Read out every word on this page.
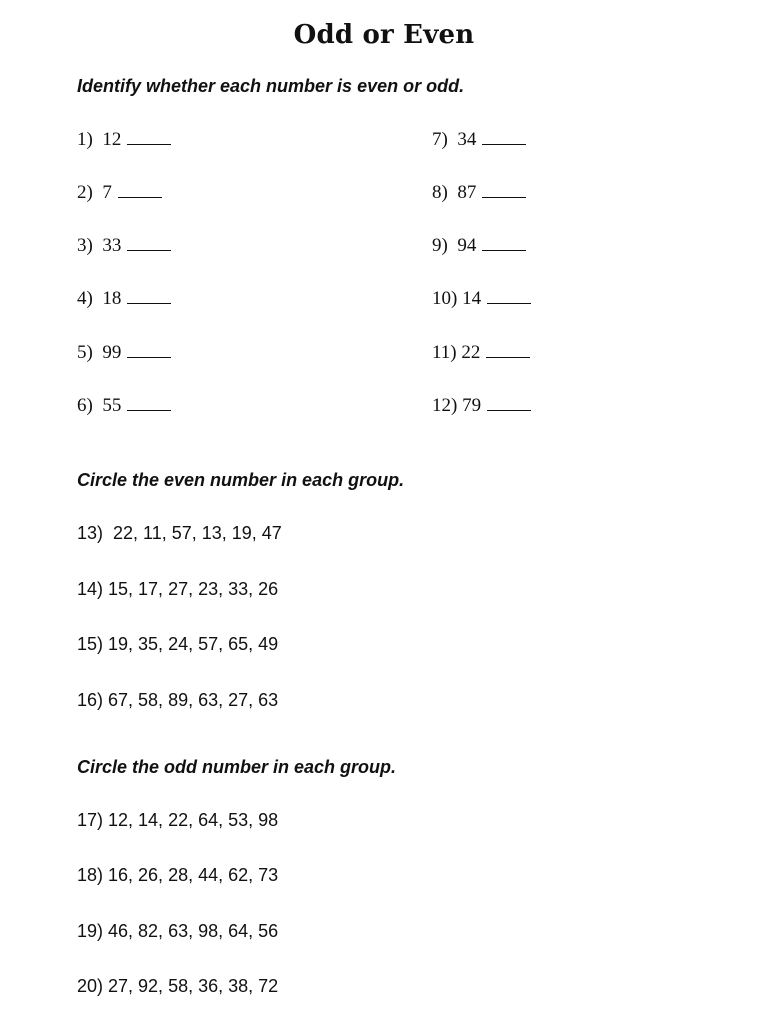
Odd or Even
Identify whether each number is even or odd.
1)  12
2)  7
3)  33
4)  18
5)  99
6)  55
7)  34
8)  87
9)  94
10) 14
11) 22
12) 79
Circle the even number in each group.
13)  22, 11, 57, 13, 19, 47
14) 15, 17, 27, 23, 33, 26
15) 19, 35, 24, 57, 65, 49
16) 67, 58, 89, 63, 27, 63
Circle the odd number in each group.
17) 12, 14, 22, 64, 53, 98
18) 16, 26, 28, 44, 62, 73
19) 46, 82, 63, 98, 64, 56
20) 27, 92, 58, 36, 38, 72
